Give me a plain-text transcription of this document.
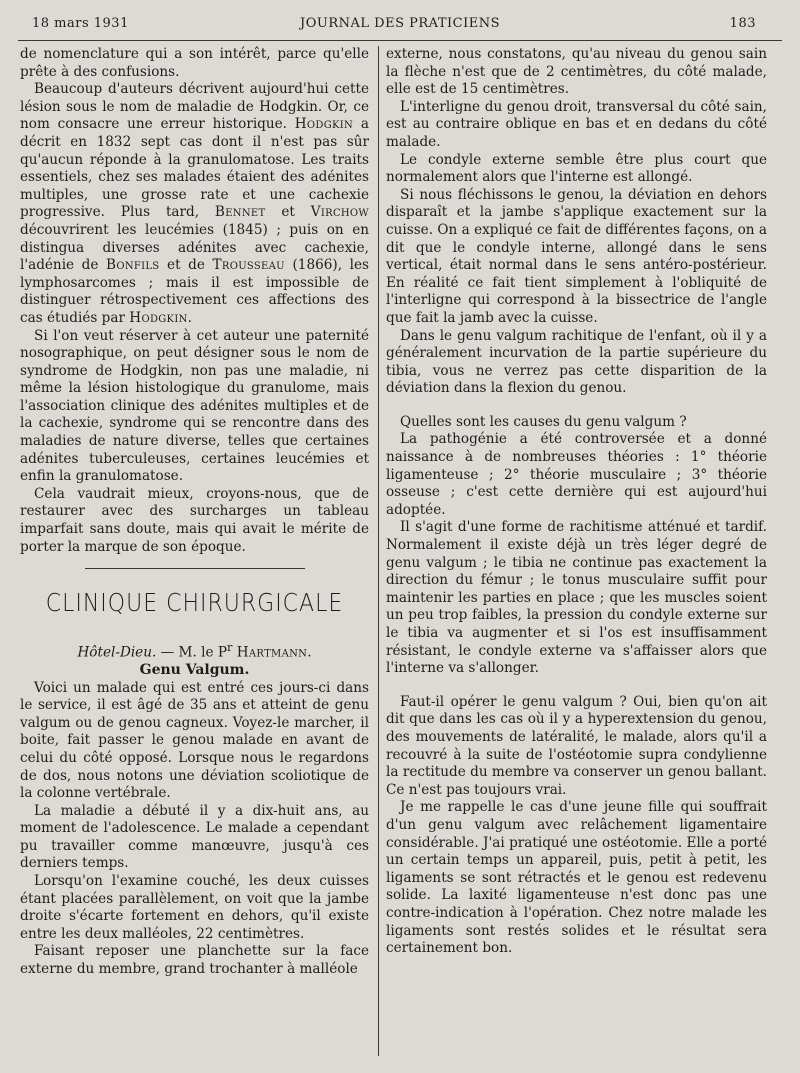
18 mars 1931	JOURNAL DES PRATICIENS	183

de nomenclature qui a son intérêt, parce qu'elle prête à des confusions.

Beaucoup d'auteurs décrivent aujourd'hui cette lésion sous le nom de maladie de Hodgkin. Or, ce nom consacre une erreur historique. Hodgkin a décrit en 1832 sept cas dont il n'est pas sûr qu'aucun réponde à la granulomatose. Les traits essentiels, chez ses malades étaient des adénites multiples, une grosse rate et une cachexie progressive. Plus tard, Bennet et Virchow découvrirent les leucémies (1845) ; puis on en distingua diverses adénites avec cachexie, l'adénie de Bonfils et de Trousseau (1866), les lymphosarcomes ; mais il est impossible de distinguer rétrospectivement ces affections des cas étudiés par Hodgkin.

Si l'on veut réserver à cet auteur une paternité nosographique, on peut désigner sous le nom de syndrome de Hodgkin, non pas une maladie, ni même la lésion histologique du granulome, mais l'association clinique des adénites multiples et de la cachexie, syndrome qui se rencontre dans des maladies de nature diverse, telles que certaines adénites tuberculeuses, certaines leucémies et enfin la granulomatose.

Cela vaudrait mieux, croyons-nous, que de restaurer avec des surcharges un tableau imparfait sans doute, mais qui avait le mérite de porter la marque de son époque.

CLINIQUE CHIRURGICALE

Hôtel-Dieu. — M. le $P^r$ Hartmann.

Genu Valgum.

Voici un malade qui est entré ces jours-ci dans le service, il est âgé de 35 ans et atteint de genu valgum ou de genou cagneux. Voyez-le marcher, il boite, fait passer le genou malade en avant de celui du côté opposé. Lorsque nous le regardons de dos, nous notons une déviation scoliotique de la colonne vertébrale.

La maladie a débuté il y a dix-huit ans, au moment de l'adolescence. Le malade a cependant pu travailler comme manœuvre, jusqu'à ces derniers temps.

Lorsqu'on l'examine couché, les deux cuisses étant placées parallèlement, on voit que la jambe droite s'écarte fortement en dehors, qu'il existe entre les deux malléoles, 22 centimètres.

Faisant reposer une planchette sur la face externe du membre, grand trochanter à malléole

externe, nous constatons, qu'au niveau du genou sain la flèche n'est que de 2 centimètres, du côté malade, elle est de 15 centimètres.

L'interligne du genou droit, transversal du côté sain, est au contraire oblique en bas et en dedans du côté malade.

Le condyle externe semble être plus court que normalement alors que l'interne est allongé.

Si nous fléchissons le genou, la déviation en dehors disparaît et la jambe s'applique exactement sur la cuisse. On a expliqué ce fait de différentes façons, on a dit que le condyle interne, allongé dans le sens vertical, était normal dans le sens antéro-postérieur. En réalité ce fait tient simplement à l'obliquité de l'interligne qui correspond à la bissectrice de l'angle que fait la jamb avec la cuisse.

Dans le genu valgum rachitique de l'enfant, où il y a généralement incurvation de la partie supérieure du tibia, vous ne verrez pas cette disparition de la déviation dans la flexion du genou.

Quelles sont les causes du genu valgum ?

La pathogénie a été controversée et a donné naissance à de nombreuses théories : 1° théorie ligamenteuse ; 2° théorie musculaire ; 3° théorie osseuse ; c'est cette dernière qui est aujourd'hui adoptée.

Il s'agit d'une forme de rachitisme atténué et tardif. Normalement il existe déjà un très léger degré de genu valgum ; le tibia ne continue pas exactement la direction du fémur ; le tonus musculaire suffit pour maintenir les parties en place ; que les muscles soient un peu trop faibles, la pression du condyle externe sur le tibia va augmenter et si l'os est insuffisamment résistant, le condyle externe va s'affaisser alors que l'interne va s'allonger.

Faut-il opérer le genu valgum ? Oui, bien qu'on ait dit que dans les cas où il y a hyperextension du genou, des mouvements de latéralité, le malade, alors qu'il a recouvré à la suite de l'ostéotomie supra condylienne la rectitude du membre va conserver un genou ballant. Ce n'est pas toujours vrai.

Je me rappelle le cas d'une jeune fille qui souffrait d'un genu valgum avec relâchement ligamentaire considérable. J'ai pratiqué une ostéotomie. Elle a porté un certain temps un appareil, puis, petit à petit, les ligaments se sont rétractés et le genou est redevenu solide. La laxité ligamenteuse n'est donc pas une contre-indication à l'opération. Chez notre malade les ligaments sont restés solides et le résultat sera certainement bon.
